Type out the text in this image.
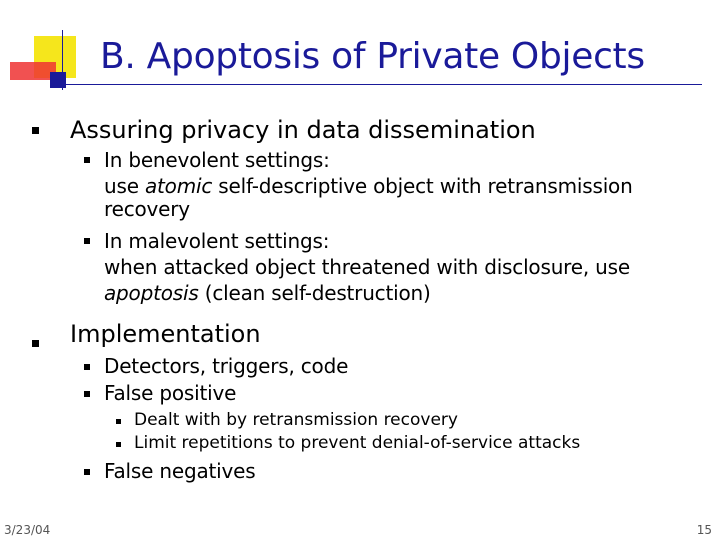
B. Apoptosis of Private Objects
Assuring privacy in data dissemination
In benevolent settings:
use atomic self-descriptive object with retransmission
recovery
In malevolent settings:
when attacked object threatened with disclosure, use
apoptosis (clean self-destruction)
Implementation
Detectors, triggers, code
False positive
Dealt with by retransmission recovery
Limit repetitions to prevent denial-of-service attacks
False negatives
3/23/04	15
